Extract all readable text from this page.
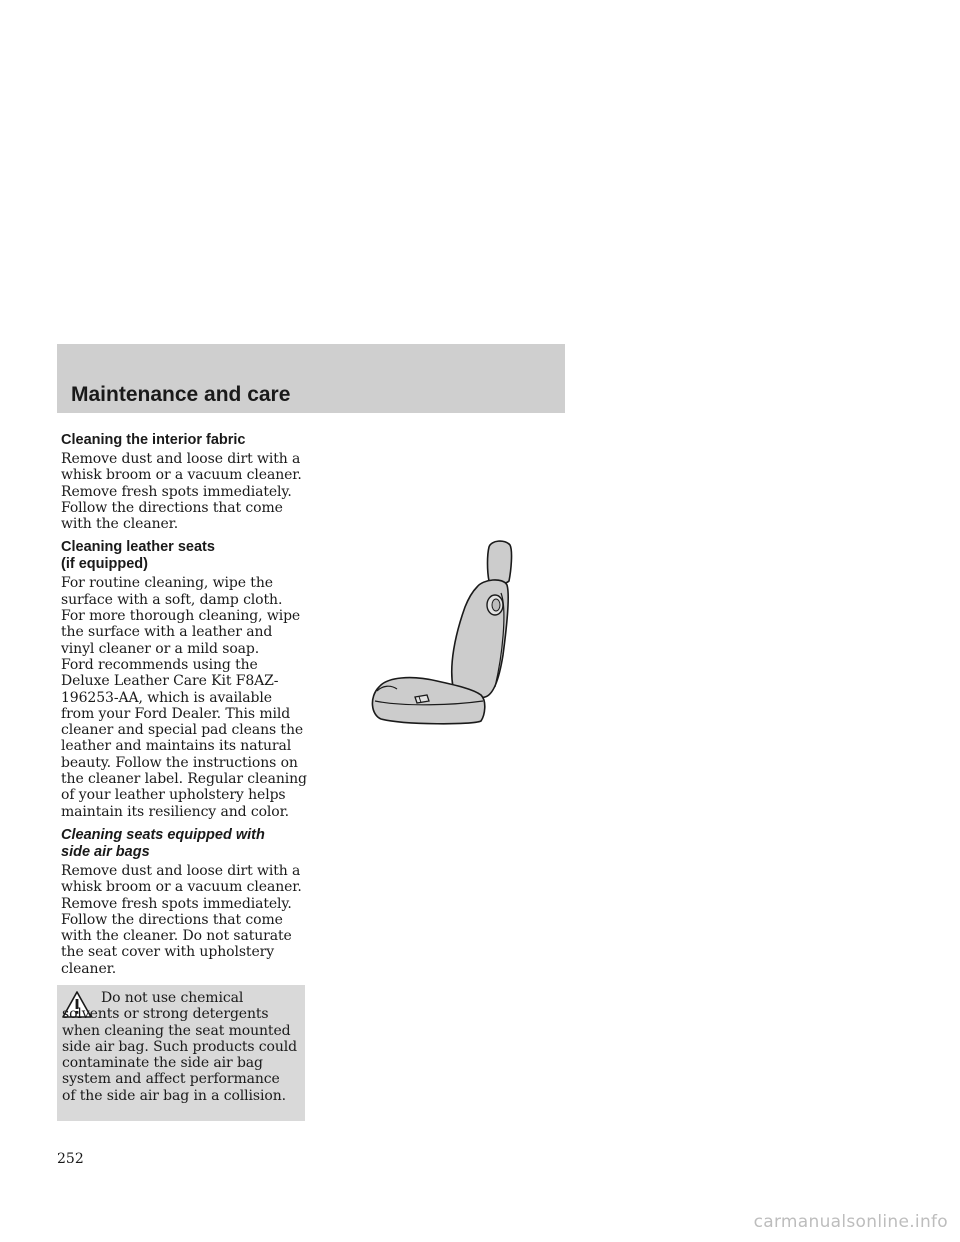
Maintenance and care
Cleaning the interior fabric

Remove dust and loose dirt with a whisk broom or a vacuum cleaner. Remove fresh spots immediately. Follow the directions that come with the cleaner.

Cleaning leather seats
(if equipped)

For routine cleaning, wipe the surface with a soft, damp cloth. For more thorough cleaning, wipe the surface with a leather and vinyl cleaner or a mild soap.

Ford recommends using the Deluxe Leather Care Kit F8AZ-196253-AA, which is available from your Ford Dealer. This mild cleaner and special pad cleans the leather and maintains its natural beauty. Follow the instructions on the cleaner label. Regular cleaning of your leather upholstery helps maintain its resiliency and color.

Cleaning seats equipped with
side air bags

Remove dust and loose dirt with a whisk broom or a vacuum cleaner. Remove fresh spots immediately. Follow the directions that come with the cleaner. Do not saturate the seat cover with upholstery cleaner.

Do not use chemical solvents or strong detergents when cleaning the seat mounted side air bag. Such products could contaminate the side air bag system and affect performance of the side air bag in a collision.

252

carmanualsonline.info
